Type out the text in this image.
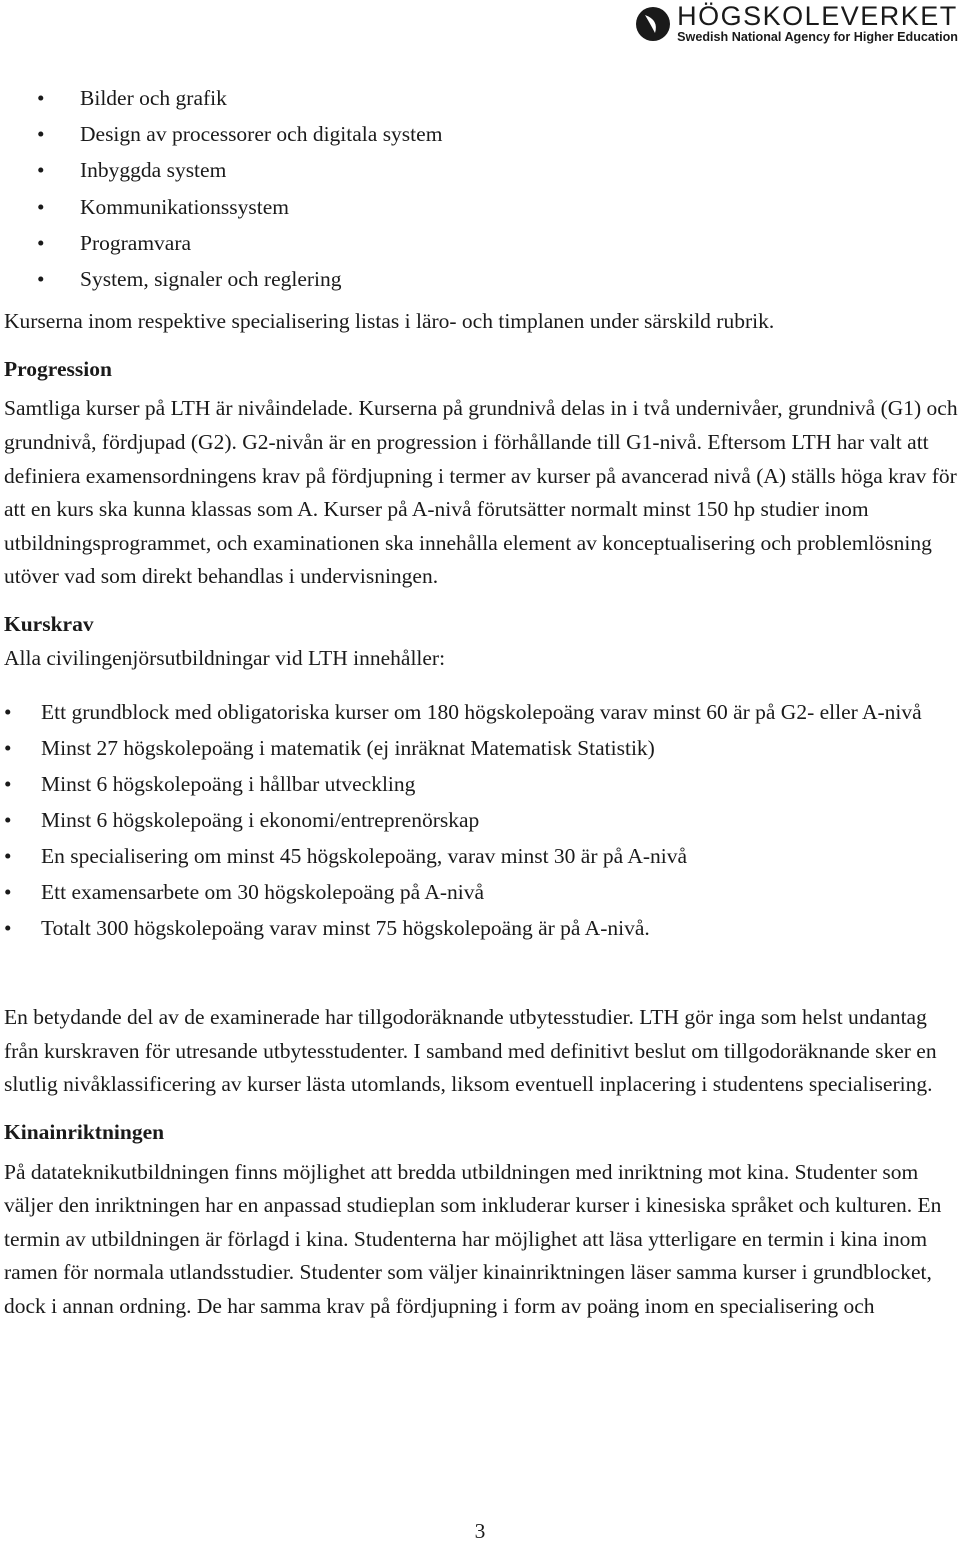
HÖGSKOLEVERKET
Swedish National Agency for Higher Education
• Bilder och grafik
• Design av processorer och digitala system
• Inbyggda system
• Kommunikationssystem
• Programvara
• System, signaler och reglering

Kurserna inom respektive specialisering listas i läro- och timplanen under särskild rubrik.

Progression

Samtliga kurser på LTH är nivåindelade. Kurserna på grundnivå delas in i två undernivåer, grundnivå (G1) och grundnivå, fördjupad (G2). G2-nivån är en progression i förhållande till G1-nivå. Eftersom LTH har valt att definiera examensordningens krav på fördjupning i termer av kurser på avancerad nivå (A) ställs höga krav för att en kurs ska kunna klassas som A. Kurser på A-nivå förutsätter normalt minst 150 hp studier inom utbildningsprogrammet, och examinationen ska innehålla element av konceptualisering och problemlösning utöver vad som direkt behandlas i undervisningen.

Kurskrav

Alla civilingenjörsutbildningar vid LTH innehåller:

• Ett grundblock med obligatoriska kurser om 180 högskolepoäng varav minst 60 är på G2- eller A-nivå
• Minst 27 högskolepoäng i matematik (ej inräknat Matematisk Statistik)
• Minst 6 högskolepoäng i hållbar utveckling
• Minst 6 högskolepoäng i ekonomi/entreprenörskap
• En specialisering om minst 45 högskolepoäng, varav minst 30 är på A-nivå
• Ett examensarbete om 30 högskolepoäng på A-nivå
• Totalt 300 högskolepoäng varav minst 75 högskolepoäng är på A-nivå.

En betydande del av de examinerade har tillgodoräknande utbytesstudier. LTH gör inga som helst undantag från kurskraven för utresande utbytesstudenter. I samband med definitivt beslut om tillgodoräknande sker en slutlig nivåklassificering av kurser lästa utomlands, liksom eventuell inplacering i studentens specialisering.

Kinainriktningen

På datateknikutbildningen finns möjlighet att bredda utbildningen med inriktning mot kina. Studenter som väljer den inriktningen har en anpassad studieplan som inkluderar kurser i kinesiska språket och kulturen. En termin av utbildningen är förlagd i kina. Studenterna har möjlighet att läsa ytterligare en termin i kina inom ramen för normala utlandsstudier. Studenter som väljer kinainriktningen läser samma kurser i grundblocket, dock i annan ordning. De har samma krav på fördjupning i form av poäng inom en specialisering och

3
